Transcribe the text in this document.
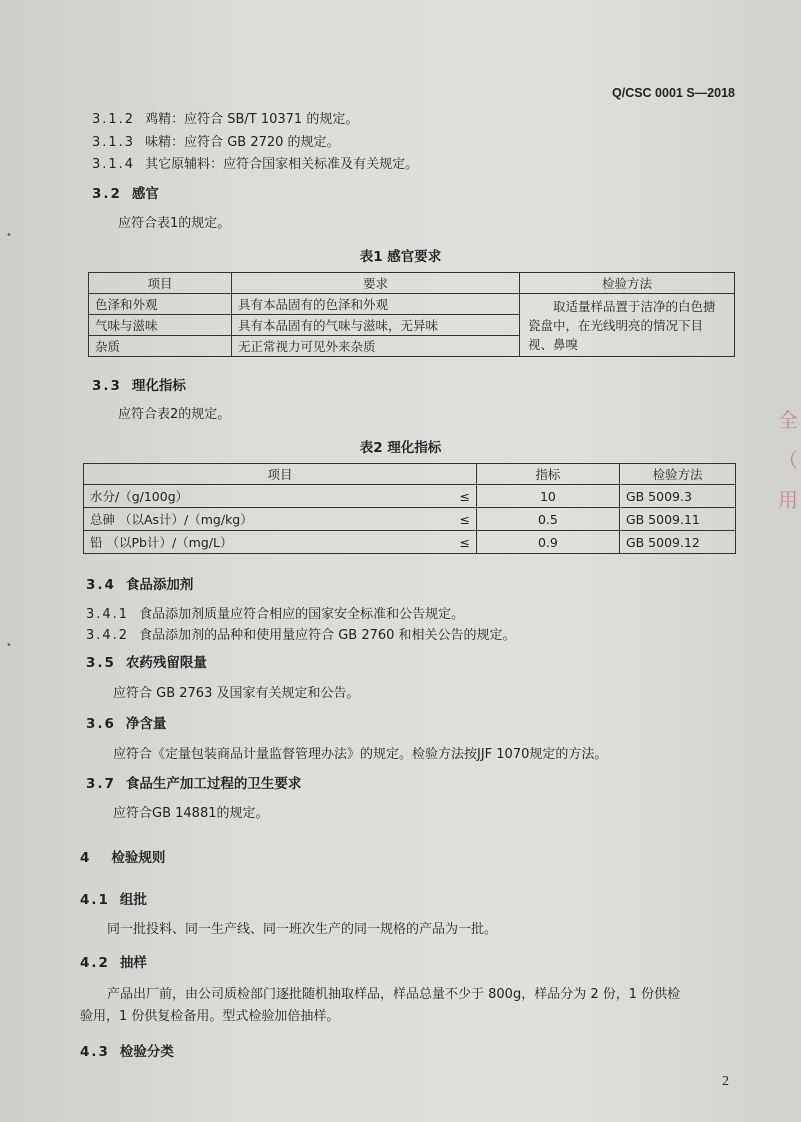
Q/CSC 0001 S—2018
3.1.2 鸡精：应符合 SB/T 10371 的规定。
3.1.3 味精：应符合 GB 2720 的规定。
3.1.4 其它原辅料：应符合国家相关标准及有关规定。
3.2 感官
应符合表1的规定。
表1 感官要求
项目	要求	检验方法
色泽和外观	具有本品固有的色泽和外观	取适量样品置于洁净的白色搪瓷盘中，在光线明亮的情况下目视、鼻嗅
气味与滋味	具有本品固有的气味与滋味，无异味	
杂质	无正常视力可见外来杂质	
3.3 理化指标
应符合表2的规定。
表2 理化指标
项目		指标	检验方法
水分/（g/100g）	≤	10	GB 5009.3
总砷 （以As计）/（mg/kg）	≤	0.5	GB 5009.11
铅 （以Pb计）/（mg/L）	≤	0.9	GB 5009.12
3.4 食品添加剂
3.4.1 食品添加剂质量应符合相应的国家安全标准和公告规定。
3.4.2 食品添加剂的品种和使用量应符合 GB 2760 和相关公告的规定。
3.5 农药残留限量
应符合 GB 2763 及国家有关规定和公告。
3.6 净含量
应符合《定量包装商品计量监督管理办法》的规定。检验方法按JJF 1070规定的方法。
3.7 食品生产加工过程的卫生要求
应符合GB 14881的规定。
4 检验规则
4.1 组批
同一批投料、同一生产线、同一班次生产的同一规格的产品为一批。
4.2 抽样
产品出厂前，由公司质检部门逐批随机抽取样品，样品总量不少于 800g，样品分为 2 份，1 份供检
验用，1 份供复检备用。型式检验加倍抽样。
4.3 检验分类
2
全
（
用
•
•
